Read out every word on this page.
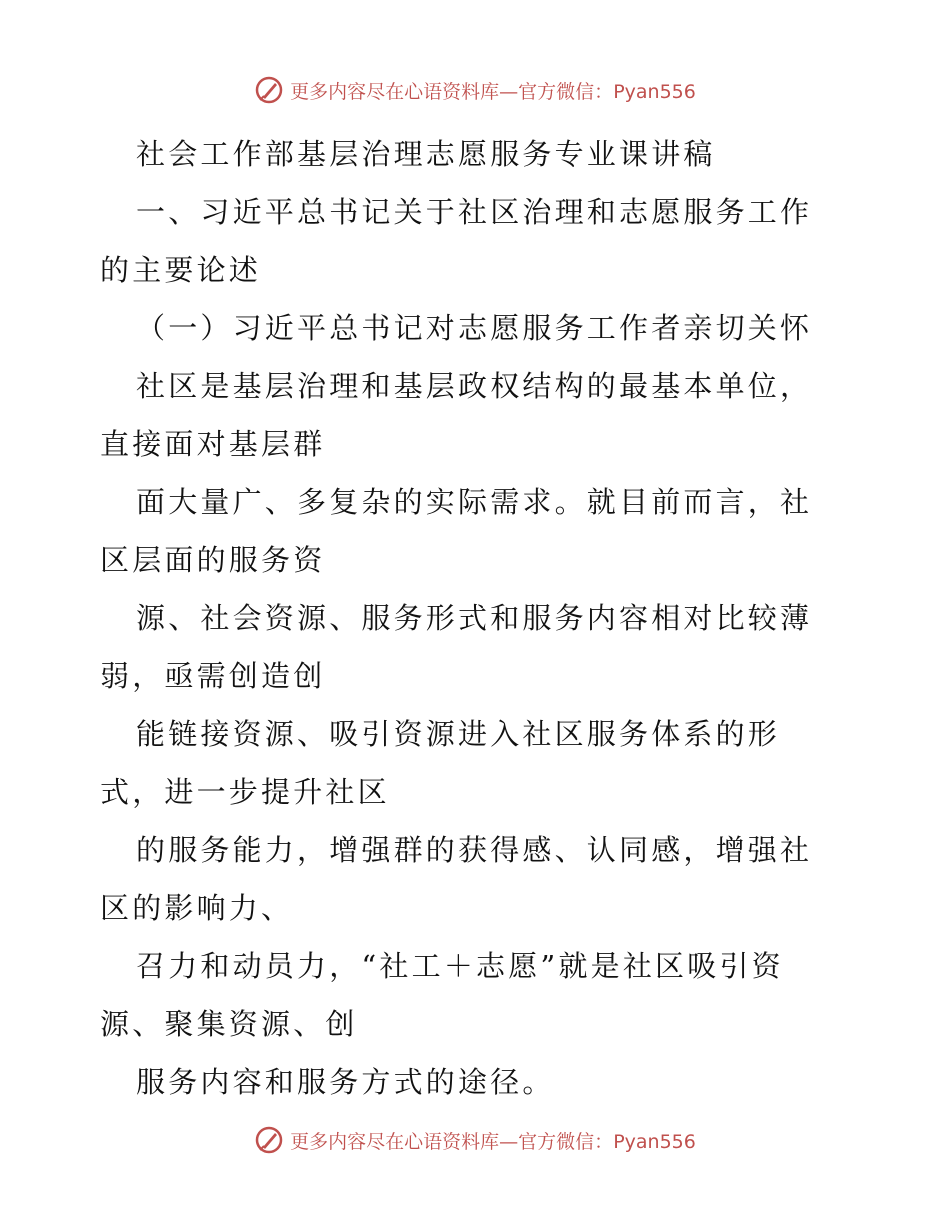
更多内容尽在心语资料库—官方微信：Pyan556

社会工作部基层治理志愿服务专业课讲稿

一、习近平总书记关于社区治理和志愿服务工作

的主要论述

（一）习近平总书记对志愿服务工作者亲切关怀

社区是基层治理和基层政权结构的最基本单位，

直接面对基层群

面大量广、多复杂的实际需求。就目前而言，社

区层面的服务资

源、社会资源、服务形式和服务内容相对比较薄

弱，亟需创造创

能链接资源、吸引资源进入社区服务体系的形

式，进一步提升社区

的服务能力，增强群的获得感、认同感，增强社

区的影响力、

召力和动员力，“社工＋志愿”就是社区吸引资

源、聚集资源、创

服务内容和服务方式的途径。

更多内容尽在心语资料库—官方微信：Pyan556
